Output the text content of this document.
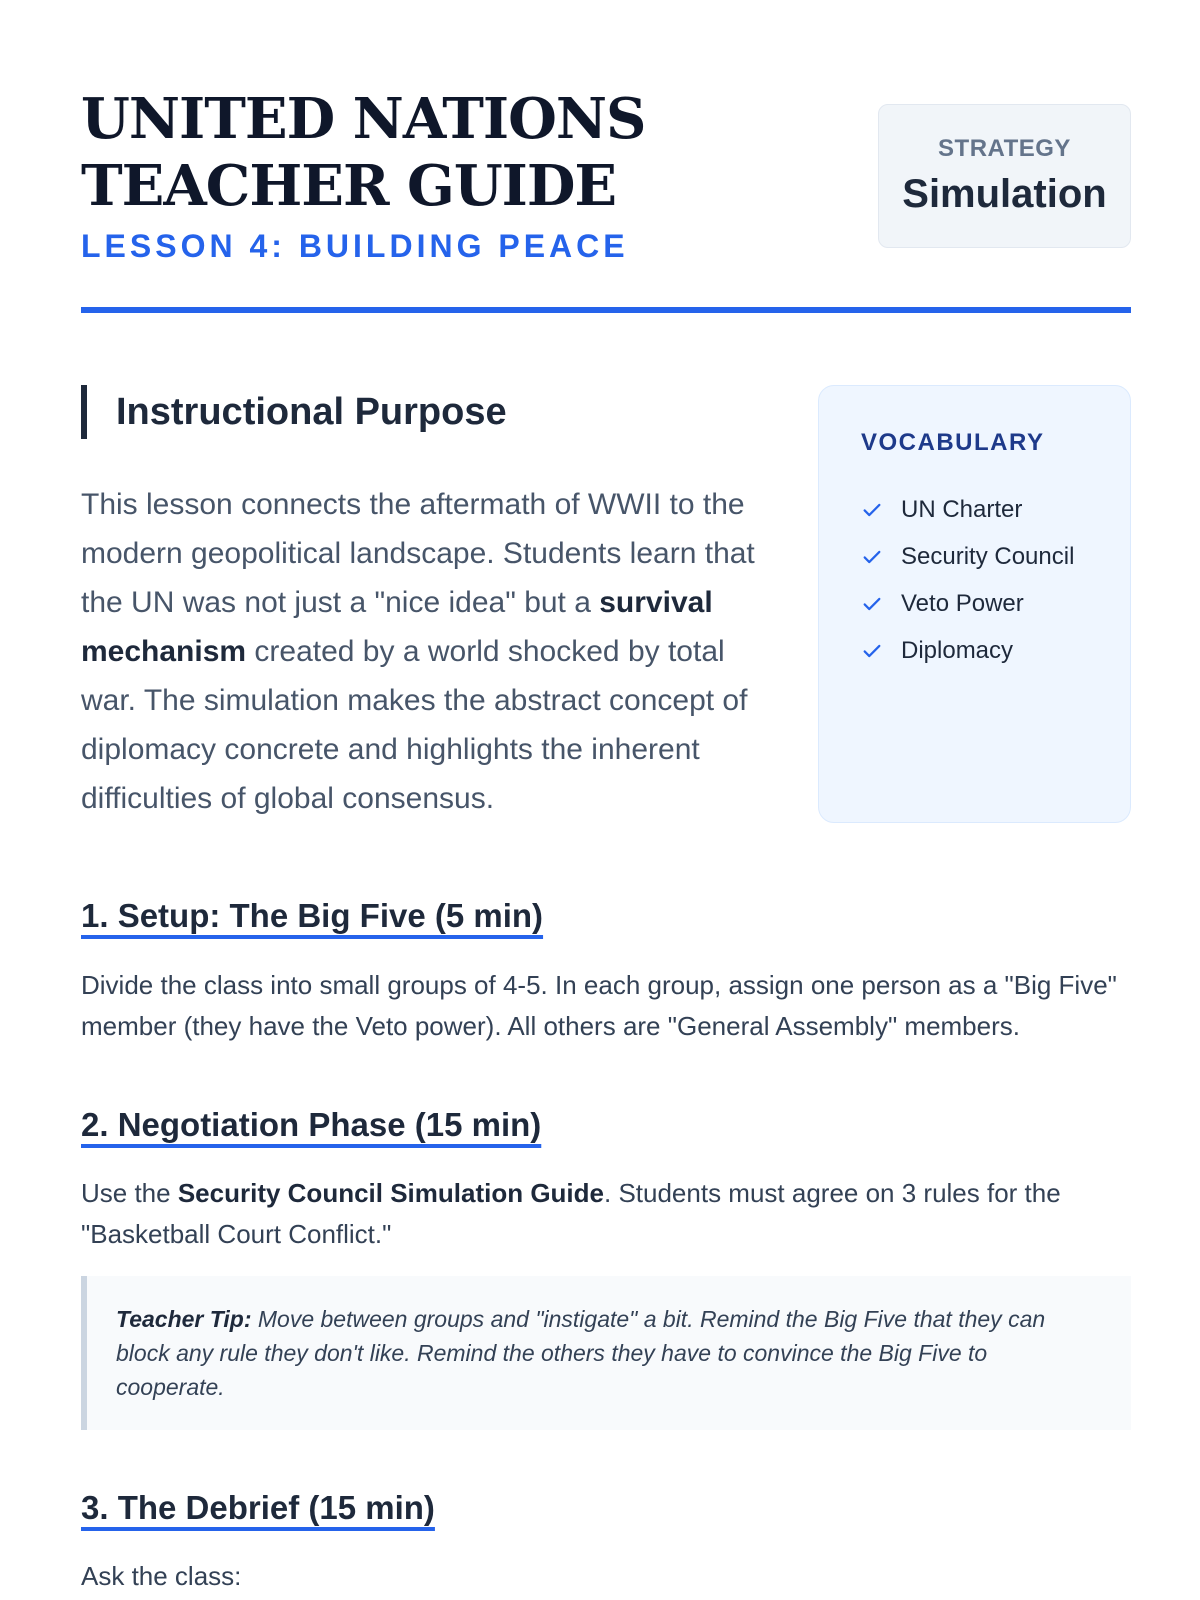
UNITED NATIONS
TEACHER GUIDE
LESSON 4: BUILDING PEACE
STRATEGY
Simulation
Instructional Purpose

This lesson connects the aftermath of WWII to the modern geopolitical landscape. Students learn that the UN was not just a "nice idea" but a survival mechanism created by a world shocked by total war. The simulation makes the abstract concept of diplomacy concrete and highlights the inherent difficulties of global consensus.

VOCABULARY
UN Charter
Security Council
Veto Power
Diplomacy
1. Setup: The Big Five (5 min)

Divide the class into small groups of 4-5. In each group, assign one person as a "Big Five" member (they have the Veto power). All others are "General Assembly" members.

2. Negotiation Phase (15 min)

Use the Security Council Simulation Guide. Students must agree on 3 rules for the "Basketball Court Conflict."

Teacher Tip: Move between groups and "instigate" a bit. Remind the Big Five that they can block any rule they don't like. Remind the others they have to convince the Big Five to cooperate.
3. The Debrief (15 min)

Ask the class:
